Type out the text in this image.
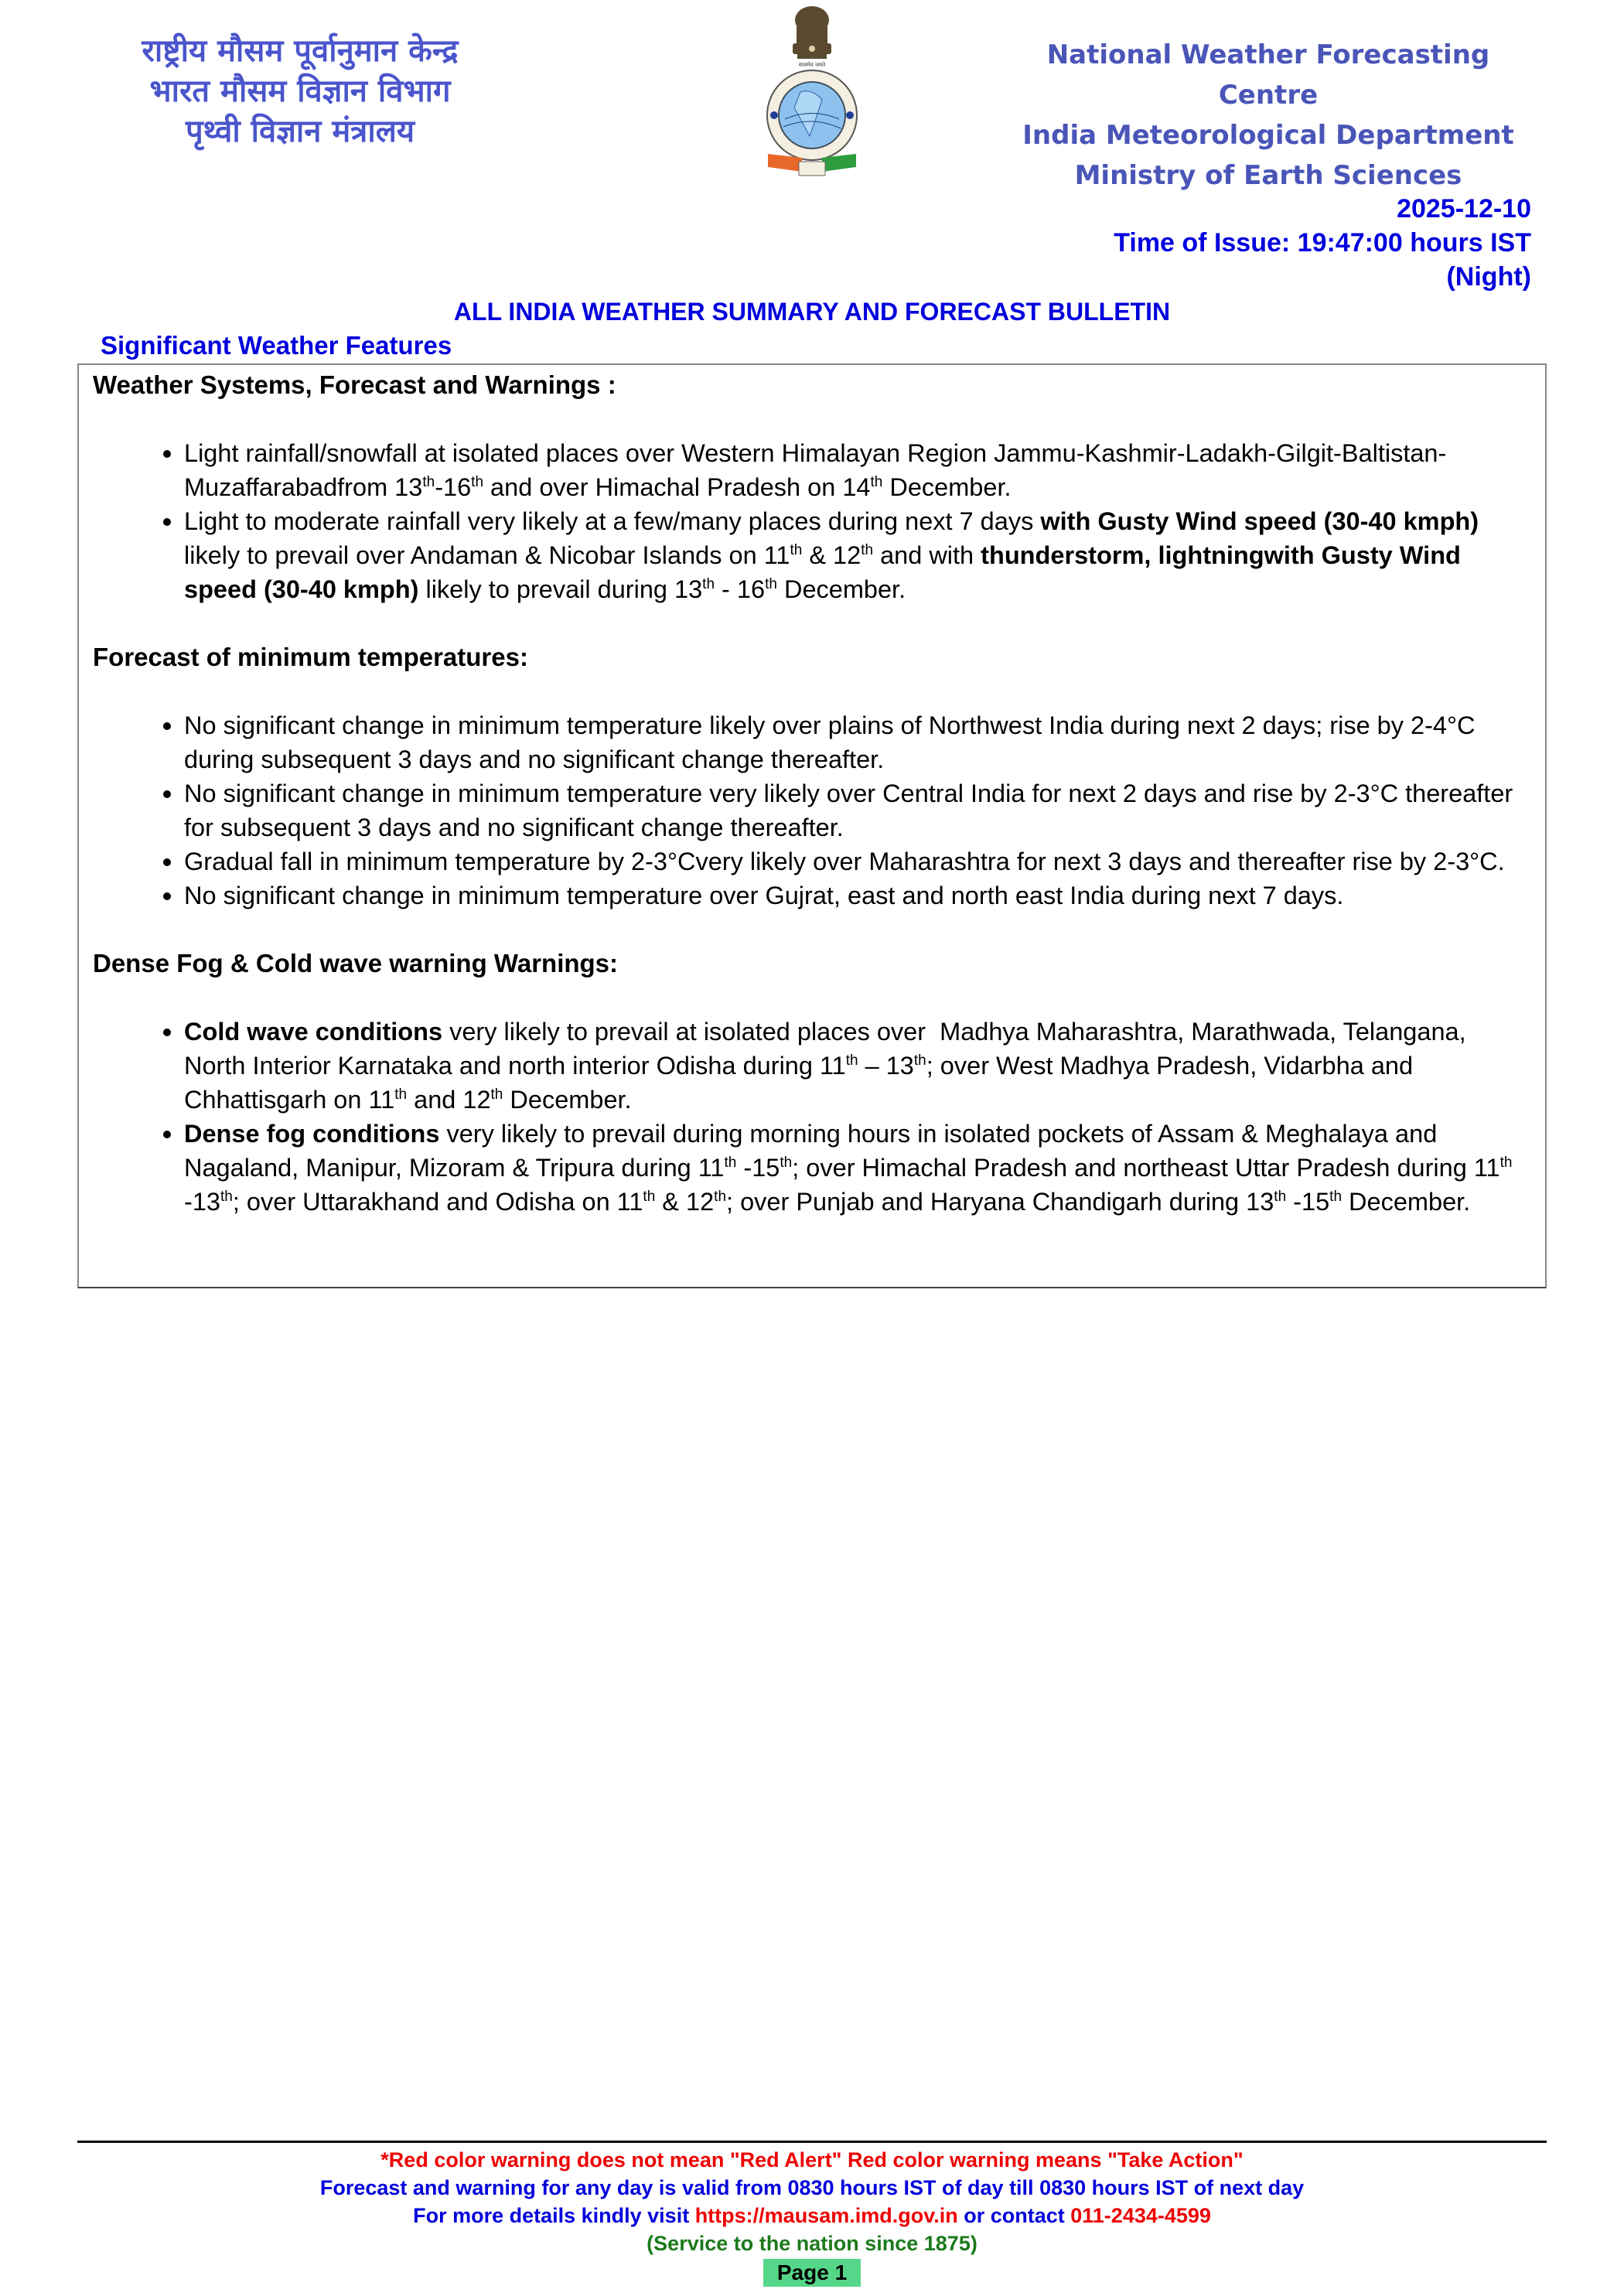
राष्ट्रीय मौसम पूर्वानुमान केन्द्र
भारत मौसम विज्ञान विभाग
पृथ्वी विज्ञान मंत्रालय
सत्यमेव जयते	National Weather Forecasting Centre
India Meteorological Department
Ministry of Earth Sciences
2025-12-10
Time of Issue: 19:47:00 hours IST
(Night)
ALL INDIA WEATHER SUMMARY AND FORECAST BULLETIN
Significant Weather Features
Weather Systems, Forecast and Warnings :
• Light rainfall/snowfall at isolated places over Western Himalayan Region Jammu-Kashmir-Ladakh-Gilgit-Baltistan-Muzaffarabadfrom 13th-16th and over Himachal Pradesh on 14th December.
• Light to moderate rainfall very likely at a few/many places during next 7 days with Gusty Wind speed (30-40 kmph) likely to prevail over Andaman & Nicobar Islands on 11th & 12th and with thunderstorm, lightningwith Gusty Wind speed (30-40 kmph) likely to prevail during 13th - 16th December.
Forecast of minimum temperatures:
• No significant change in minimum temperature likely over plains of Northwest India during next 2 days; rise by 2-4°C during subsequent 3 days and no significant change thereafter.
• No significant change in minimum temperature very likely over Central India for next 2 days and rise by 2-3°C thereafter for subsequent 3 days and no significant change thereafter.
• Gradual fall in minimum temperature by 2-3°Cvery likely over Maharashtra for next 3 days and thereafter rise by 2-3°C.
• No significant change in minimum temperature over Gujrat, east and north east India during next 7 days.
Dense Fog & Cold wave warning Warnings:
• Cold wave conditions very likely to prevail at isolated places over  Madhya Maharashtra, Marathwada, Telangana, North Interior Karnataka and north interior Odisha during 11th – 13th; over West Madhya Pradesh, Vidarbha and Chhattisgarh on 11th and 12th December.
• Dense fog conditions very likely to prevail during morning hours in isolated pockets of Assam & Meghalaya and Nagaland, Manipur, Mizoram & Tripura during 11th -15th; over Himachal Pradesh and northeast Uttar Pradesh during 11th -13th; over Uttarakhand and Odisha on 11th & 12th; over Punjab and Haryana Chandigarh during 13th -15th December.
*Red color warning does not mean "Red Alert" Red color warning means "Take Action"
Forecast and warning for any day is valid from 0830 hours IST of day till 0830 hours IST of next day
For more details kindly visit https://mausam.imd.gov.in or contact 011-2434-4599
(Service to the nation since 1875)
Page 1
